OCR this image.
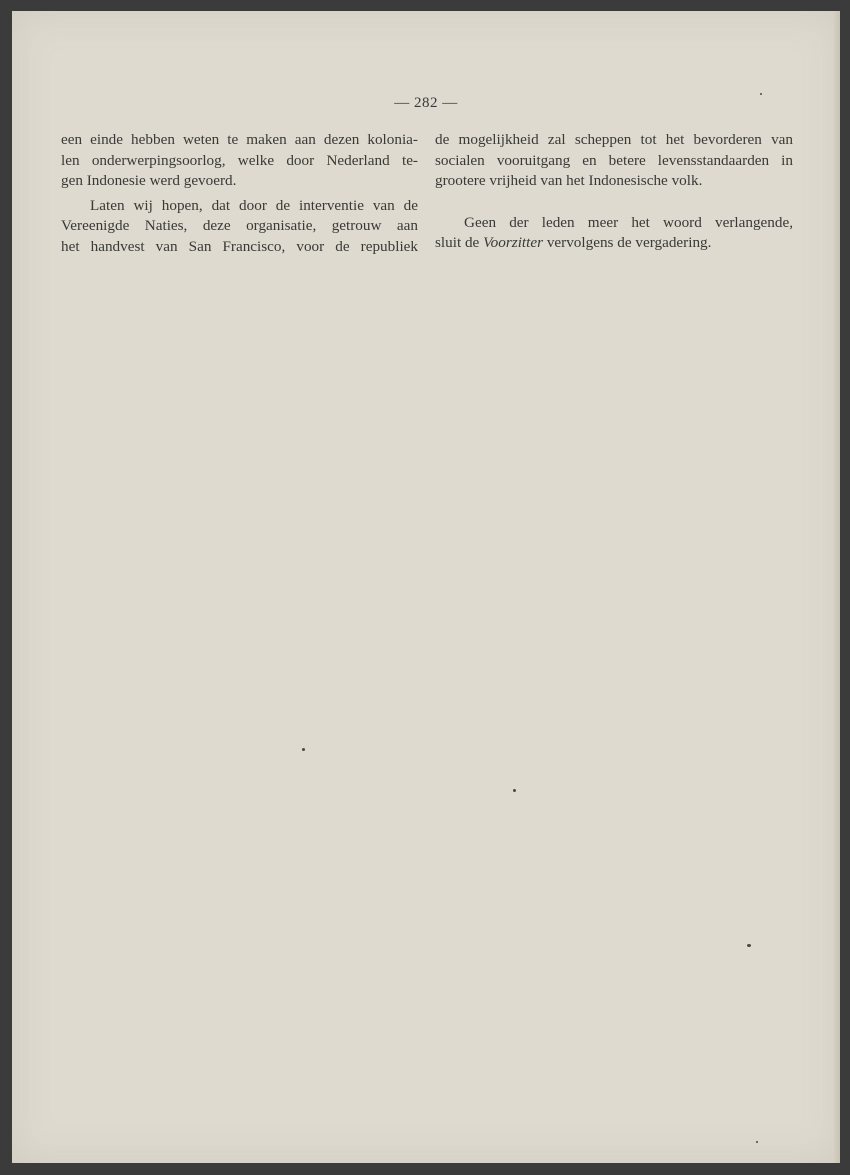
— 282 —
een einde hebben weten te maken aan dezen kolonia-
len onderwerpingsoorlog, welke door Nederland te-
gen Indonesie werd gevoerd.
Laten wij hopen, dat door de interventie van de
Vereenigde Naties, deze organisatie, getrouw aan
het handvest van San Francisco, voor de republiek
de mogelijkheid zal scheppen tot het bevorderen van
socialen vooruitgang en betere levensstandaarden in
grootere vrijheid van het Indonesische volk.
Geen der leden meer het woord verlangende,
sluit de Voorzitter vervolgens de vergadering.
